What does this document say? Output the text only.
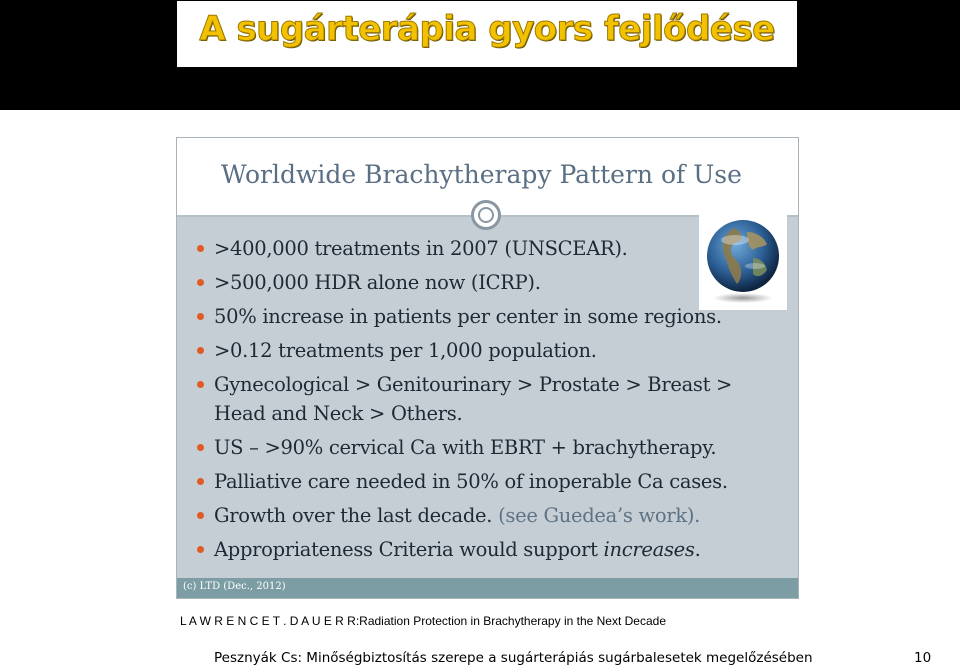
A sugárterápia gyors fejlődése
Worldwide Brachytherapy Pattern of Use
>400,000 treatments in 2007 (UNSCEAR).
>500,000 HDR alone now (ICRP).
50% increase in patients per center in some regions.
>0.12 treatments per 1,000 population.
Gynecological > Genitourinary > Prostate > Breast > Head and Neck > Others.
US – >90% cervical Ca with EBRT + brachytherapy.
Palliative care needed in 50% of inoperable Ca cases.
Growth over the last decade. (see Guedea’s work).
Appropriateness Criteria would support increases.
(c) LTD (Dec., 2012)
L A W R E N C E T . D A U E R R:Radiation Protection in Brachytherapy in the Next Decade
Pesznyák Cs: Minőségbiztosítás szerepe a sugárterápiás sugárbalesetek megelőzésében	10
